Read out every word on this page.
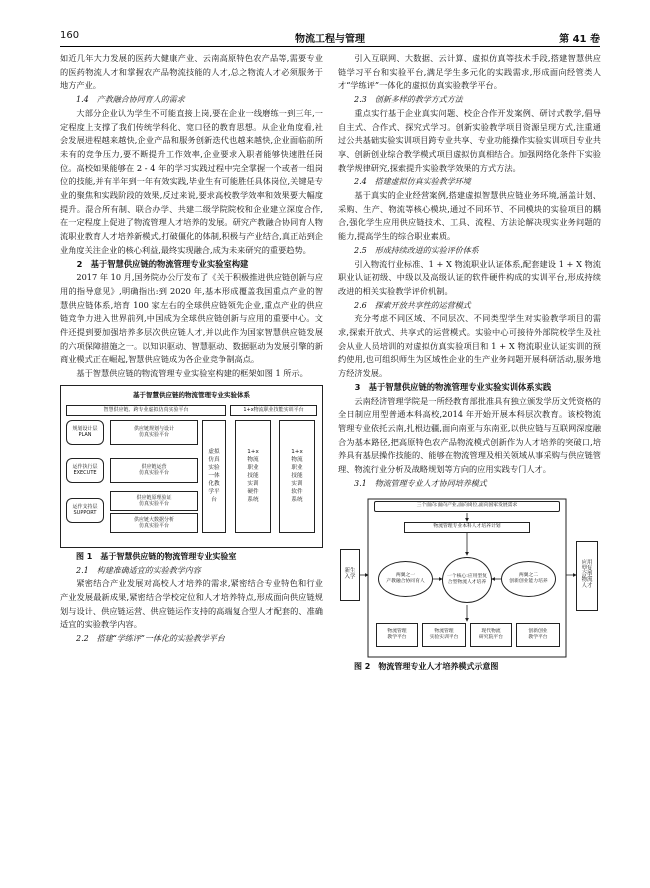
160	物流工程与管理	第 41 卷

如近几年大力发展的医药大健康产业、云南高原特色农产品等,需要专业的医药物流人才和掌握农产品物流技能的人才,总之物流人才必须服务于地方产业。

1.4　产教融合协同育人的需求

大部分企业认为学生不可能直接上岗,要在企业一线磨练一到三年,一定程度上支撑了我们传统学科化、宽口径的教育思想。从企业角度看,社会发展进程越来越快,企业产品和服务创新迭代也越来越快,企业面临前所未有的竞争压力,要不断提升工作效率,企业要求入职者能够快速胜任岗位。高校如果能够在 2 - 4 年的学习实践过程中完全掌握一个或者一组岗位的技能,并有半年到一年有效实践,毕业生有可能胜任具体岗位,关键是专业的聚焦和实践阶段的效果,反过来说,要求高校教学效率和效果要大幅度提升。混合所有制、联合办学、共建二级学院院校和企业建立深度合作,在一定程度上促进了物流管理人才培养的发展。研究产教融合协同育人物流职业教育人才培养新模式,打破僵化的体制,积极与产业结合,真正站到企业角度关注企业的核心利益,最终实现融合,成为未来研究的重要趋势。

2　基于智慧供应链的物流管理专业实验室构建

2017 年 10 月,国务院办公厅发布了《关于积极推进供应链创新与应用的指导意见》,明确指出:到 2020 年,基本形成覆盖我国重点产业的智慧供应链体系,培育 100 家左右的全球供应链领先企业,重点产业的供应链竞争力进入世界前列,中国成为全球供应链创新与应用的重要中心。文件还提到要加强培养多层次供应链人才,并以此作为国家智慧供应链发展的六项保障措施之一。以知识驱动、智慧驱动、数据驱动为发展引擎的新商业模式正在崛起,智慧供应链成为各企业竞争制高点。

基于智慧供应链的物流管理专业实验室构建的框架如图 1 所示。

基于智慧供应链的物流管理专业实验体系
智慧供应链、跨专业虚拟仿真实验平台	1+x物流职业技能实训平台
规划设计层
PLAN
运作执行层
EXECUTE
运作支持层
SUPPORT
供应链规划与设计
仿真实验平台
供应链运营
仿真实验平台
供应链原理验证
仿真实验平台
供应链大数据分析
仿真实验平台
虚拟仿真实验一体化教学平台
1+x物流职业技能实训硬件系统
1+x物流职业技能实训软件系统

图 1　基于智慧供应链的物流管理专业实验室

2.1　构建准确适宜的实验教学内容

紧密结合产业发展对高校人才培养的需求,紧密结合专业特色和行业产业发展最新成果,紧密结合学校定位和人才培养特点,形成面向供应链规划与设计、供应链运营、供应链运作支持的高端复合型人才配套的、准确适宜的实验教学内容。

2.2　搭建“学练评”一体化的实验教学平台

引入互联网、大数据、云计算、虚拟仿真等技术手段,搭建智慧供应链学习平台和实验平台,满足学生多元化的实践需求,形成面向经管类人才“学练评”一体化的虚拟仿真实验教学平台。

2.3　创新多样的教学方式方法

重点实行基于企业真实问题、校企合作开发案例、研讨式教学,倡导自主式、合作式、探究式学习。创新实验教学项目资源呈现方式,注重通过公共基础实验实训项目跨专业共享、专业功能操作实验实训项目专业共享、创新创业综合教学模式项目虚拟仿真相结合。加强网络化条件下实验教学规律研究,探索提升实验教学效果的方式方法。

2.4　搭建虚拟仿真实验教学环境

基于真实的企业经营案例,搭建虚拟智慧供应链业务环境,涵盖计划、采购、生产、物流等核心模块,通过不同环节、不同模块的实验项目的耦合,强化学生应用供应链技术、工具、流程、方法论解决现实业务问题的能力,提高学生的综合职业素质。

2.5　形成持续改进的实验评价体系

引入物流行业标准、1 + X 物流职业认证体系,配套建设 1 + X 物流职业认证初级、中级以及高级认证的软件硬件构成的实训平台,形成持续改进的相关实验教学评价机制。

2.6　探索开放共享性的运营模式

充分考虑不同区域、不同层次、不同类型学生对实验教学项目的需求,探索开放式、共享式的运营模式。实验中心可接待外部院校学生及社会从业人员培训的对虚拟仿真实验项目和 1 + X 物流职业认证实训的预约使用,也可组织师生为区域性企业的生产业务问题开展科研活动,服务地方经济发展。

3　基于智慧供应链的物流管理专业实验实训体系实践

云南经济管理学院是一所经教育部批准具有独立颁发学历文凭资格的全日制应用型普通本科高校,2014 年开始开展本科层次教育。该校物流管理专业依托云南,扎根边疆,面向南亚与东南亚,以供应链与互联网深度融合为基本路径,把高原特色农产品物流模式创新作为人才培养的突破口,培养具有基层操作技能的、能够在物流管理及相关领域从事采购与供应链管理、物流行业分析及战略规划等方向的应用实践专门人才。

3.1　物流管理专业人才协同培养模式

三个面向:面向产业,面向岗位,面向国家发展需求
物流管理专业本科人才培养计划
新生入学
应用型复合型物流人才
两翼之一
产教融合协同育人
一个核心:应用型复合型物流人才培养
两翼之二
创新创业能力培养
物流管理
教学平台
物流管理
实验实训平台
现代物流
研究院平台
创新创业
教学平台

图 2　物流管理专业人才培养模式示意图
